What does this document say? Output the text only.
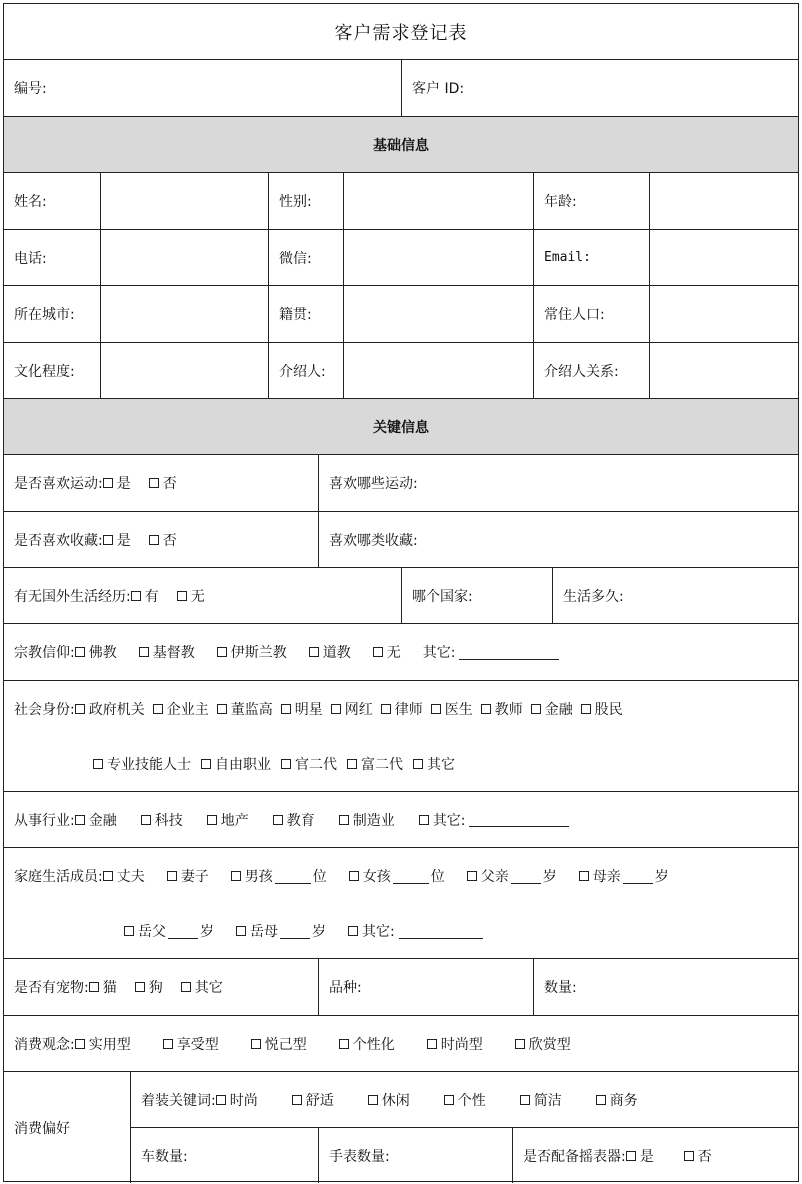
客户需求登记表
编号:	客户 ID:
基础信息
姓名:	性别:	年龄:
电话:	微信:	Email:
所在城市:	籍贯:	常住人口:
文化程度:	介绍人:	介绍人关系:
关键信息
是否喜欢运动: 是 否	喜欢哪些运动:
是否喜欢收藏: 是 否	喜欢哪类收藏:
有无国外生活经历: 有 无	哪个国家:	生活多久:
宗教信仰: 佛教	基督教	伊斯兰教	道教	无 其它:
社会身份: 政府机关 企业主 董监高 明星 网红 律师 医生 教师 金融 股民
专业技能人士 自由职业 官二代 富二代 其它
从事行业: 金融	科技	地产	教育	制造业	其它:
家庭生活成员: 丈夫	妻子	男孩	位	女孩	位	父亲 岁	母亲 岁
岳父 岁	岳母 岁	其它:
是否有宠物: 猫 狗 其它	品种:	数量:
消费观念: 实用型	享受型	悦己型	个性化	时尚型	欣赏型
消费偏好
着装关键词: 时尚	舒适	休闲	个性	简洁	商务
车数量:	手表数量:	是否配备摇表器: 是	否
